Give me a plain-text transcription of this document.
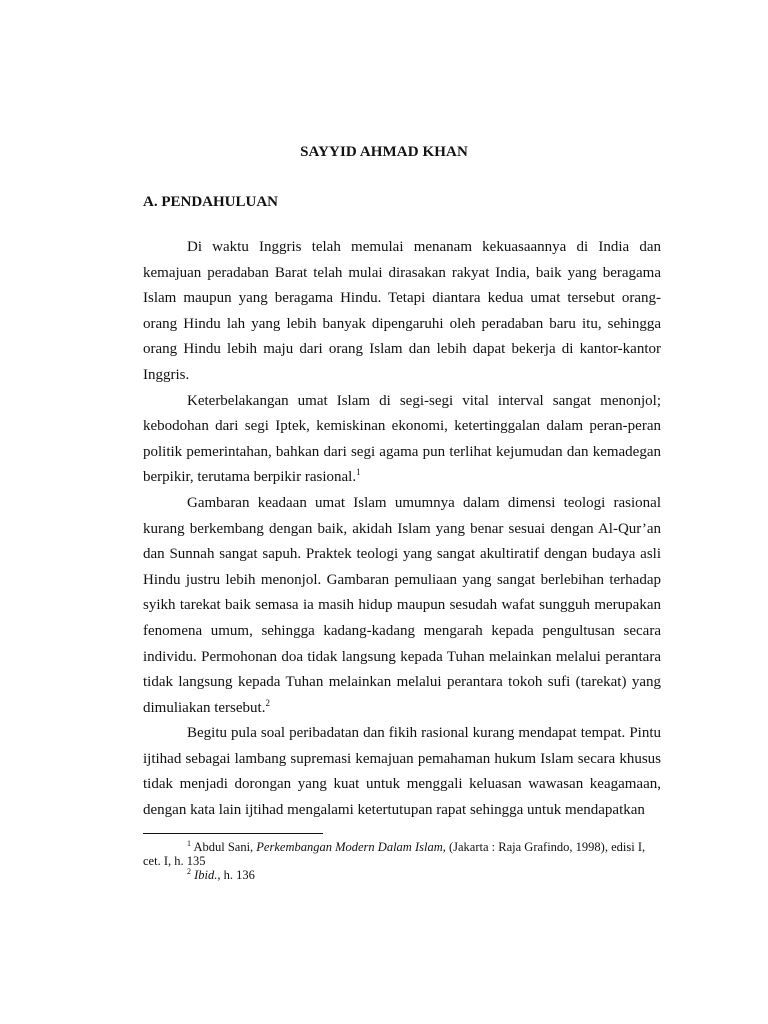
SAYYID AHMAD KHAN
A. PENDAHULUAN

Di waktu Inggris telah memulai menanam kekuasaannya di India dan kemajuan peradaban Barat telah mulai dirasakan rakyat India, baik yang beragama Islam maupun yang beragama Hindu. Tetapi diantara kedua umat tersebut orang-orang Hindu lah yang lebih banyak dipengaruhi oleh peradaban baru itu, sehingga orang Hindu lebih maju dari orang Islam dan lebih dapat bekerja di kantor-kantor Inggris.

Keterbelakangan umat Islam di segi-segi vital interval sangat menonjol; kebodohan dari segi Iptek, kemiskinan ekonomi, ketertinggalan dalam peran-peran politik pemerintahan, bahkan dari segi agama pun terlihat kejumudan dan kemadegan berpikir, terutama berpikir rasional.$^1$

Gambaran keadaan umat Islam umumnya dalam dimensi teologi rasional kurang berkembang dengan baik, akidah Islam yang benar sesuai dengan Al-Qur’an dan Sunnah sangat sapuh. Praktek teologi yang sangat akultiratif dengan budaya asli Hindu justru lebih menonjol. Gambaran pemuliaan yang sangat berlebihan terhadap syikh tarekat baik semasa ia masih hidup maupun sesudah wafat sungguh merupakan fenomena umum, sehingga kadang-kadang mengarah kepada pengultusan secara individu. Permohonan doa tidak langsung kepada Tuhan melainkan melalui perantara tidak langsung kepada Tuhan melainkan melalui perantara tokoh sufi (tarekat) yang dimuliakan tersebut.$^2$

Begitu pula soal peribadatan dan fikih rasional kurang mendapat tempat. Pintu ijtihad sebagai lambang supremasi kemajuan pemahaman hukum Islam secara khusus tidak menjadi dorongan yang kuat untuk menggali keluasan wawasan keagamaan, dengan kata lain ijtihad mengalami ketertutupan rapat sehingga untuk mendapatkan

$^1$ Abdul Sani, Perkembangan Modern Dalam Islam, (Jakarta : Raja Grafindo, 1998), edisi I, cet. I, h. 135

$^2$ Ibid., h. 136
